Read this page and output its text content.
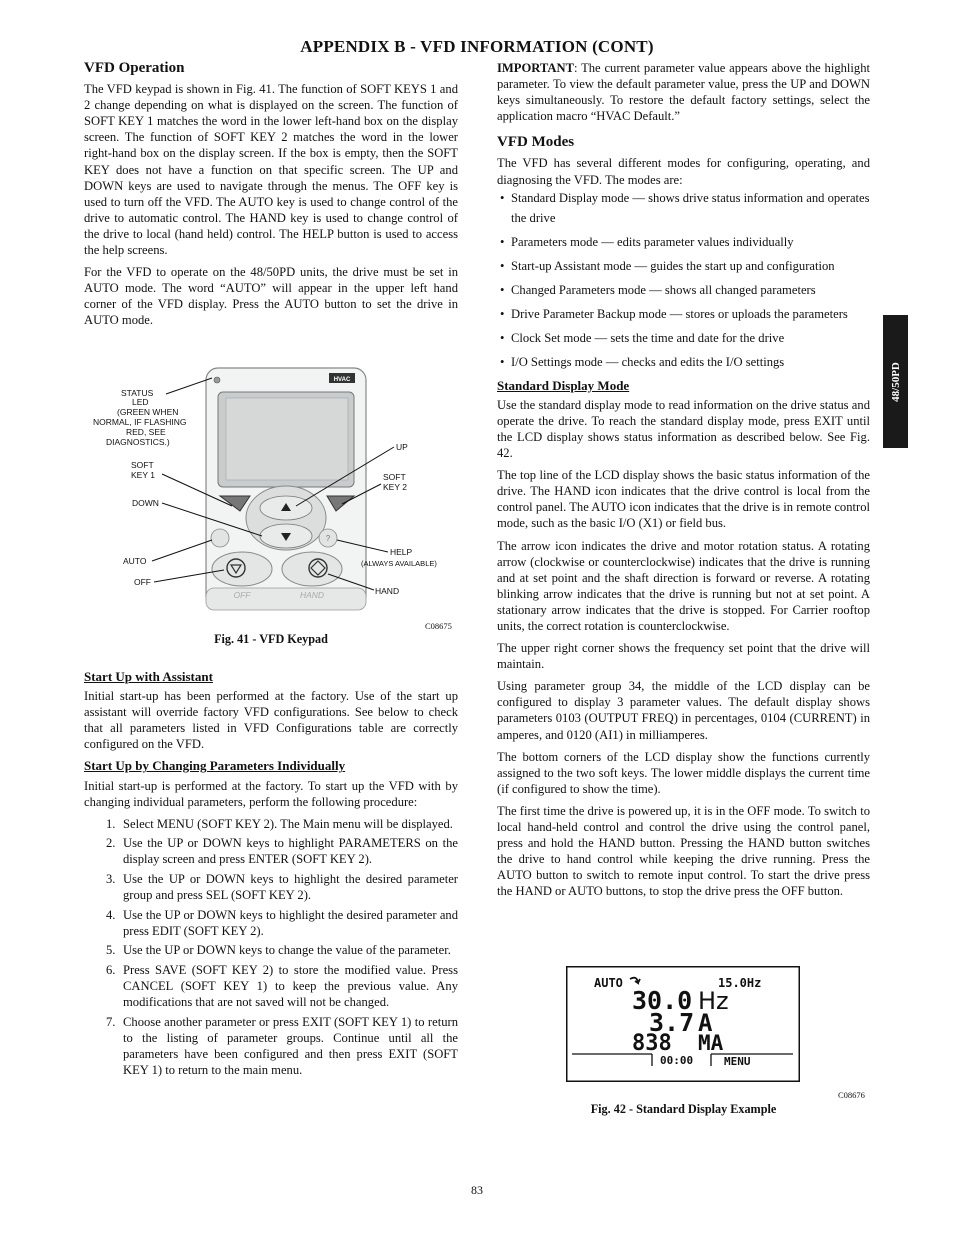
APPENDIX B - VFD INFORMATION (CONT)
48/50PD
VFD Operation

The VFD keypad is shown in Fig. 41. The function of SOFT KEYS 1 and 2 change depending on what is displayed on the screen. The function of SOFT KEY 1 matches the word in the lower left-hand box on the display screen. The function of SOFT KEY 2 matches the word in the lower right-hand box on the display screen. If the box is empty, then the SOFT KEY does not have a function on that specific screen. The UP and DOWN keys are used to navigate through the menus. The OFF key is used to turn off the VFD. The AUTO key is used to change control of the drive to automatic control. The HAND key is used to change control of the drive to local (hand held) control. The HELP button is used to access the help screens.

For the VFD to operate on the 48/50PD units, the drive must be set in AUTO mode. The word “AUTO” will appear in the upper left hand corner of the VFD display. Press the AUTO button to set the drive in AUTO mode.

HVAC
?
OFF	HAND
STATUS
LED
(GREEN WHEN
NORMAL, IF FLASHING
RED, SEE
DIAGNOSTICS.)
SOFT
KEY 1
DOWN
AUTO
OFF
UP
SOFT
KEY 2
HELP
(ALWAYS AVAILABLE)
HAND
C08675
Fig. 41 - VFD Keypad
Start Up with Assistant

Initial start-up has been performed at the factory. Use of the start up assistant will override factory VFD configurations. See below to check that all parameters listed in VFD Configurations table are correctly configured on the VFD.

Start Up by Changing Parameters Individually

Initial start-up is performed at the factory. To start up the VFD with by changing individual parameters, perform the following procedure:

1. Select MENU (SOFT KEY 2). The Main menu will be displayed.
2. Use the UP or DOWN keys to highlight PARAMETERS on the display screen and press ENTER (SOFT KEY 2).
3. Use the UP or DOWN keys to highlight the desired parameter group and press SEL (SOFT KEY 2).
4. Use the UP or DOWN keys to highlight the desired parameter and press EDIT (SOFT KEY 2).
5. Use the UP or DOWN keys to change the value of the parameter.
6. Press SAVE (SOFT KEY 2) to store the modified value. Press CANCEL (SOFT KEY 1) to keep the previous value. Any modifications that are not saved will not be changed.
7. Choose another parameter or press EXIT (SOFT KEY 1) to return to the listing of parameter groups. Continue until all the parameters have been configured and then press EXIT (SOFT KEY 1) to return to the main menu.

IMPORTANT: The current parameter value appears above the highlight parameter. To view the default parameter value, press the UP and DOWN keys simultaneously. To restore the default factory settings, select the application macro “HVAC Default.”

VFD Modes

The VFD has several different modes for configuring, operating, and diagnosing the VFD. The modes are:

• Standard Display mode — shows drive status information and operates the drive
• Parameters mode — edits parameter values individually
• Start-up Assistant mode — guides the start up and configuration
• Changed Parameters mode — shows all changed parameters
• Drive Parameter Backup mode — stores or uploads the parameters
• Clock Set mode — sets the time and date for the drive
• I/O Settings mode — checks and edits the I/O settings
Standard Display Mode

Use the standard display mode to read information on the drive status and operate the drive. To reach the standard display mode, press EXIT until the LCD display shows status information as described below. See Fig. 42.

The top line of the LCD display shows the basic status information of the drive. The HAND icon indicates that the drive control is local from the control panel. The AUTO icon indicates that the drive is in remote control mode, such as the basic I/O (X1) or field bus.

The arrow icon indicates the drive and motor rotation status. A rotating arrow (clockwise or counterclockwise) indicates that the drive is running and at set point and the shaft direction is forward or reverse. A rotating blinking arrow indicates that the drive is running but not at set point. A stationary arrow indicates that the drive is stopped. For Carrier rooftop units, the correct rotation is counterclockwise.

The upper right corner shows the frequency set point that the drive will maintain.

Using parameter group 34, the middle of the LCD display can be configured to display 3 parameter values. The default display shows parameters 0103 (OUTPUT FREQ) in percentages, 0104 (CURRENT) in amperes, and 0120 (AI1) in milliamperes.

The bottom corners of the LCD display show the functions currently assigned to the two soft keys. The lower middle displays the current time (if configured to show the time).

The first time the drive is powered up, it is in the OFF mode. To switch to local hand-held control and control the drive using the control panel, press and hold the HAND button. Pressing the HAND button switches the drive to hand control while keeping the drive running. Press the AUTO button to switch to remote input control. To start the drive press the HAND or AUTO buttons, to stop the drive press the OFF button.

AUTO	15.0Hz
30.0 Hz
3.7 A
838 MA
00:00	MENU
C08676
Fig. 42 - Standard Display Example
83
